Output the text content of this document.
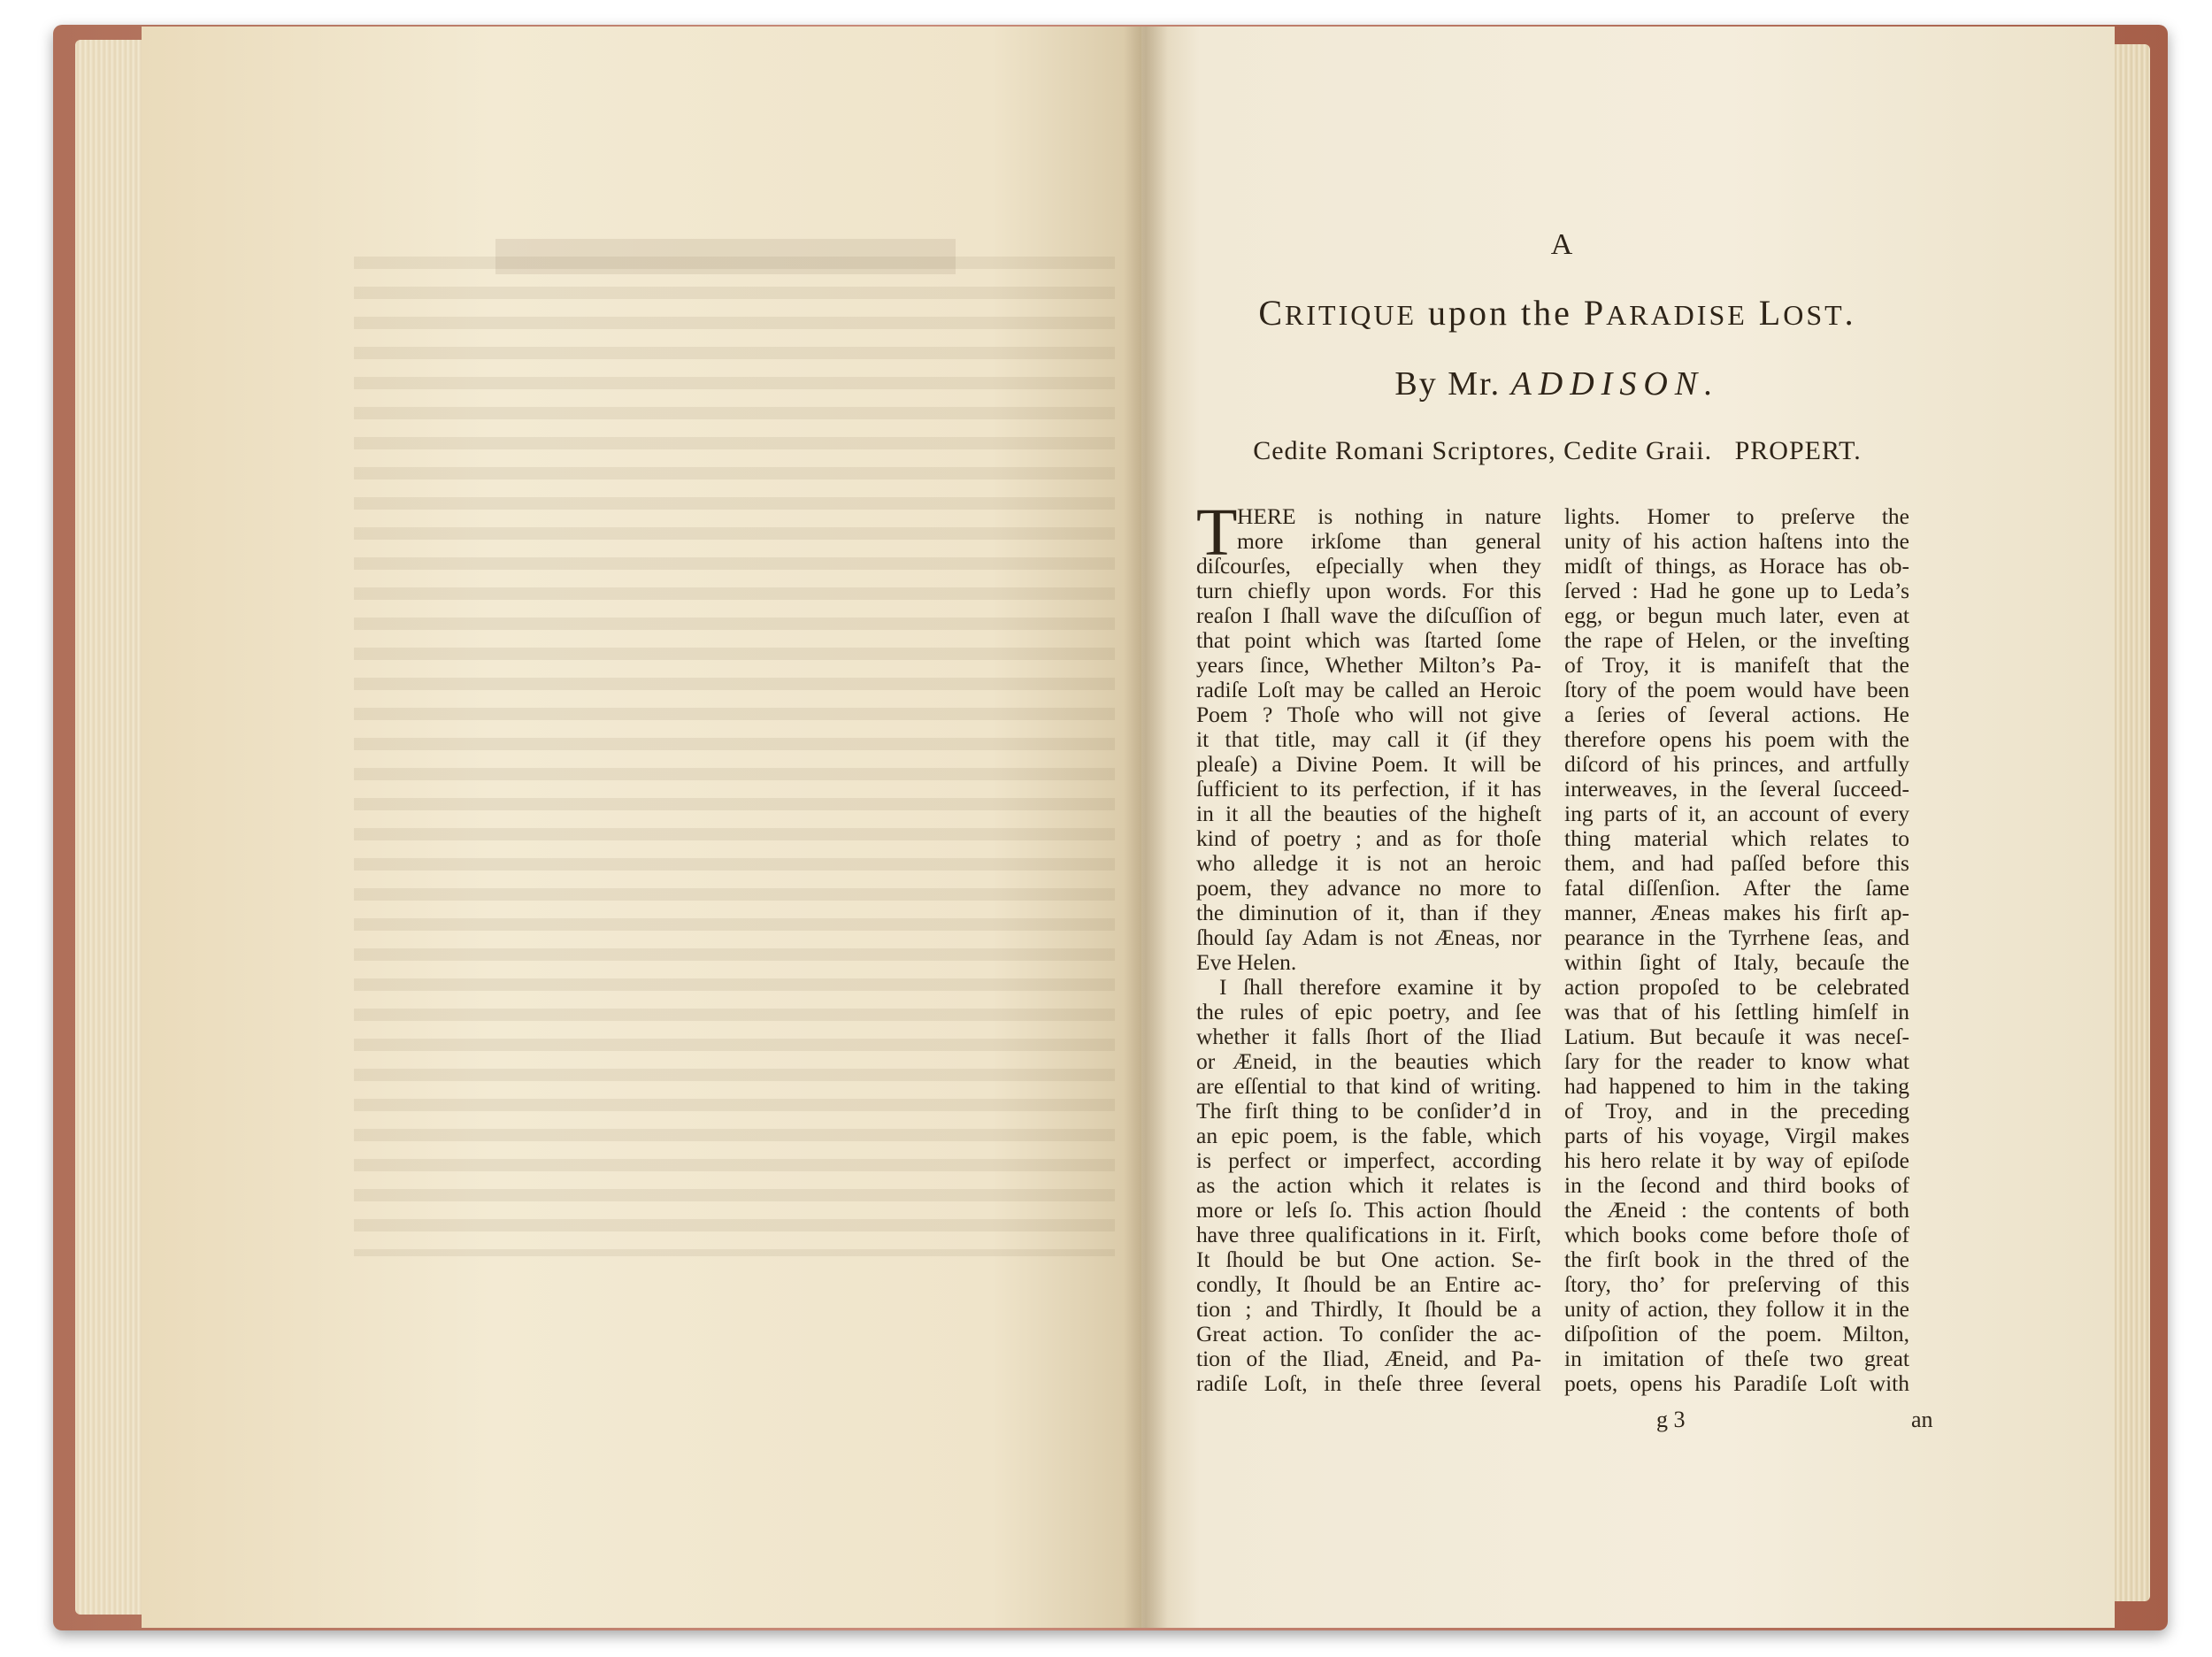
A
CRITIQUE upon the PARADISE LOST.
By Mr. ADDISON.
Cedite Romani Scriptores, Cedite Graii. PROPERT.
T HERE is nothing in nature
more irkſome than general
diſcourſes, eſpecially when they
turn chiefly upon words. For this
reaſon I ſhall wave the diſcuſſion of
that point which was ſtarted ſome
years ſince, Whether Milton’s Pa-
radiſe Loſt may be called an Heroic
Poem ? Thoſe who will not give
it that title, may call it (if they
pleaſe) a Divine Poem. It will be
ſufficient to its perfection, if it has
in it all the beauties of the higheſt
kind of poetry ; and as for thoſe
who alledge it is not an heroic
poem, they advance no more to
the diminution of it, than if they
ſhould ſay Adam is not Æneas, nor
Eve Helen.
I ſhall therefore examine it by
the rules of epic poetry, and ſee
whether it falls ſhort of the Iliad
or Æneid, in the beauties which
are eſſential to that kind of writing.
The firſt thing to be conſider’d in
an epic poem, is the fable, which
is perfect or imperfect, according
as the action which it relates is
more or leſs ſo. This action ſhould
have three qualifications in it. Firſt,
It ſhould be but One action. Se-
condly, It ſhould be an Entire ac-
tion ; and Thirdly, It ſhould be a
Great action. To conſider the ac-
tion of the Iliad, Æneid, and Pa-
radiſe Loſt, in theſe three ſeveral
lights. Homer to preſerve the
unity of his action haſtens into the
midſt of things, as Horace has ob-
ſerved : Had he gone up to Leda’s
egg, or begun much later, even at
the rape of Helen, or the inveſting
of Troy, it is manifeſt that the
ſtory of the poem would have been
a ſeries of ſeveral actions. He
therefore opens his poem with the
diſcord of his princes, and artfully
interweaves, in the ſeveral ſucceed-
ing parts of it, an account of every
thing material which relates to
them, and had paſſed before this
fatal diſſenſion. After the ſame
manner, Æneas makes his firſt ap-
pearance in the Tyrrhene ſeas, and
within ſight of Italy, becauſe the
action propoſed to be celebrated
was that of his ſettling himſelf in
Latium. But becauſe it was neceſ-
ſary for the reader to know what
had happened to him in the taking
of Troy, and in the preceding
parts of his voyage, Virgil makes
his hero relate it by way of epiſode
in the ſecond and third books of
the Æneid : the contents of both
which books come before thoſe of
the firſt book in the thred of the
ſtory, tho’ for preſerving of this
unity of action, they follow it in the
diſpoſition of the poem. Milton,
in imitation of theſe two great
poets, opens his Paradiſe Loſt with
g 3	an
